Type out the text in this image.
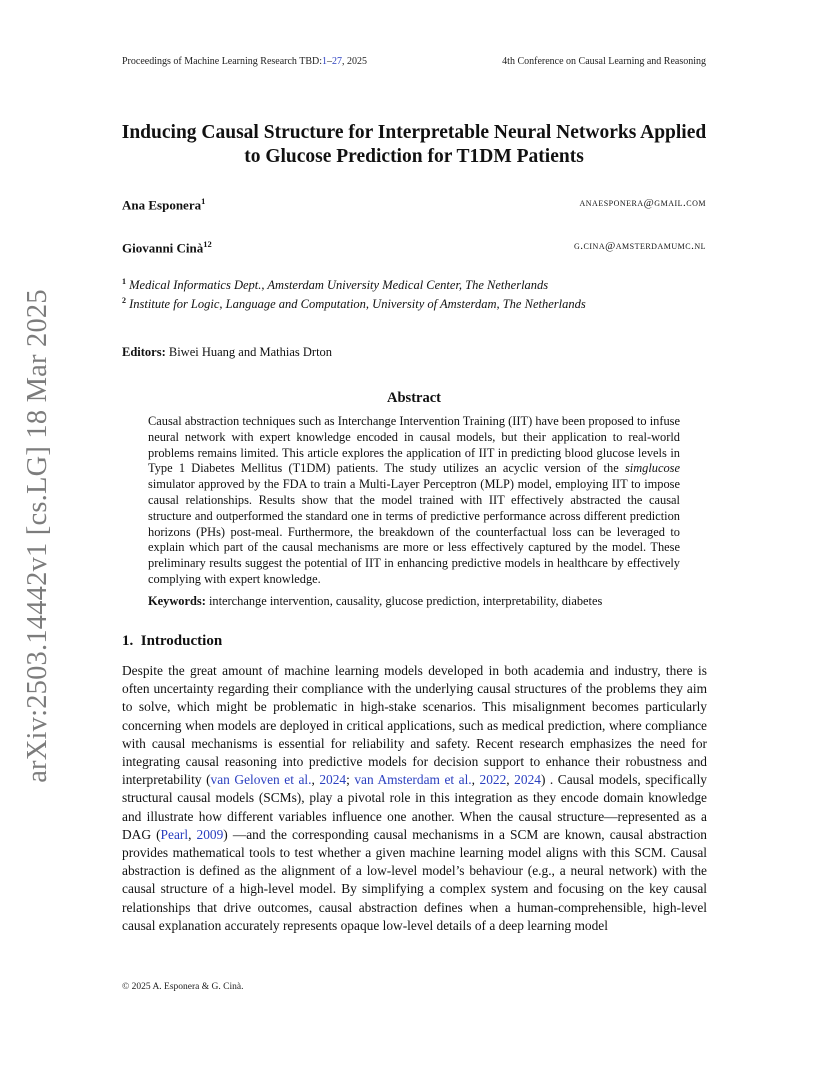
Proceedings of Machine Learning Research TBD:1–27, 2025	4th Conference on Causal Learning and Reasoning
arXiv:2503.14442v1 [cs.LG] 18 Mar 2025
Inducing Causal Structure for Interpretable Neural Networks Applied
to Glucose Prediction for T1DM Patients
Ana Esponera$^1$	anaesponera@gmail.com
Giovanni Cinà$^{12}$	g.cina@amsterdamumc.nl
$^1$ Medical Informatics Dept., Amsterdam University Medical Center, The Netherlands
$^2$ Institute for Logic, Language and Computation, University of Amsterdam, The Netherlands
Editors: Biwei Huang and Mathias Drton
Abstract

Causal abstraction techniques such as Interchange Intervention Training (IIT) have been proposed to infuse neural network with expert knowledge encoded in causal models, but their application to real-world problems remains limited. This article explores the application of IIT in predicting blood glucose levels in Type 1 Diabetes Mellitus (T1DM) patients. The study utilizes an acyclic version of the simglucose simulator approved by the FDA to train a Multi-Layer Perceptron (MLP) model, employing IIT to impose causal relationships. Results show that the model trained with IIT effectively abstracted the causal structure and outperformed the standard one in terms of predictive performance across different prediction horizons (PHs) post-meal. Furthermore, the breakdown of the counterfactual loss can be leveraged to explain which part of the causal mechanisms are more or less effectively captured by the model. These preliminary results suggest the potential of IIT in enhancing predictive models in healthcare by effectively complying with expert knowledge.

Keywords: interchange intervention, causality, glucose prediction, interpretability, diabetes
1. Introduction

Despite the great amount of machine learning models developed in both academia and industry, there is often uncertainty regarding their compliance with the underlying causal structures of the problems they aim to solve, which might be problematic in high-stake scenarios. This misalignment becomes particularly concerning when models are deployed in critical applications, such as medical prediction, where compliance with causal mechanisms is essential for reliability and safety. Recent research emphasizes the need for integrating causal reasoning into predictive models for decision support to enhance their robustness and interpretability (van Geloven et al., 2024; van Amsterdam et al., 2022, 2024) . Causal models, specifically structural causal models (SCMs), play a pivotal role in this integration as they encode domain knowledge and illustrate how different variables influence one another. When the causal structure—represented as a DAG (Pearl, 2009) —and the corresponding causal mechanisms in a SCM are known, causal abstraction provides mathematical tools to test whether a given machine learning model aligns with this SCM. Causal abstraction is defined as the alignment of a low-level model’s behaviour (e.g., a neural network) with the causal structure of a high-level model. By simplifying a complex system and focusing on the key causal relationships that drive outcomes, causal abstraction defines when a human-comprehensible, high-level causal explanation accurately represents opaque low-level details of a deep learning model

© 2025 A. Esponera & G. Cinà.
